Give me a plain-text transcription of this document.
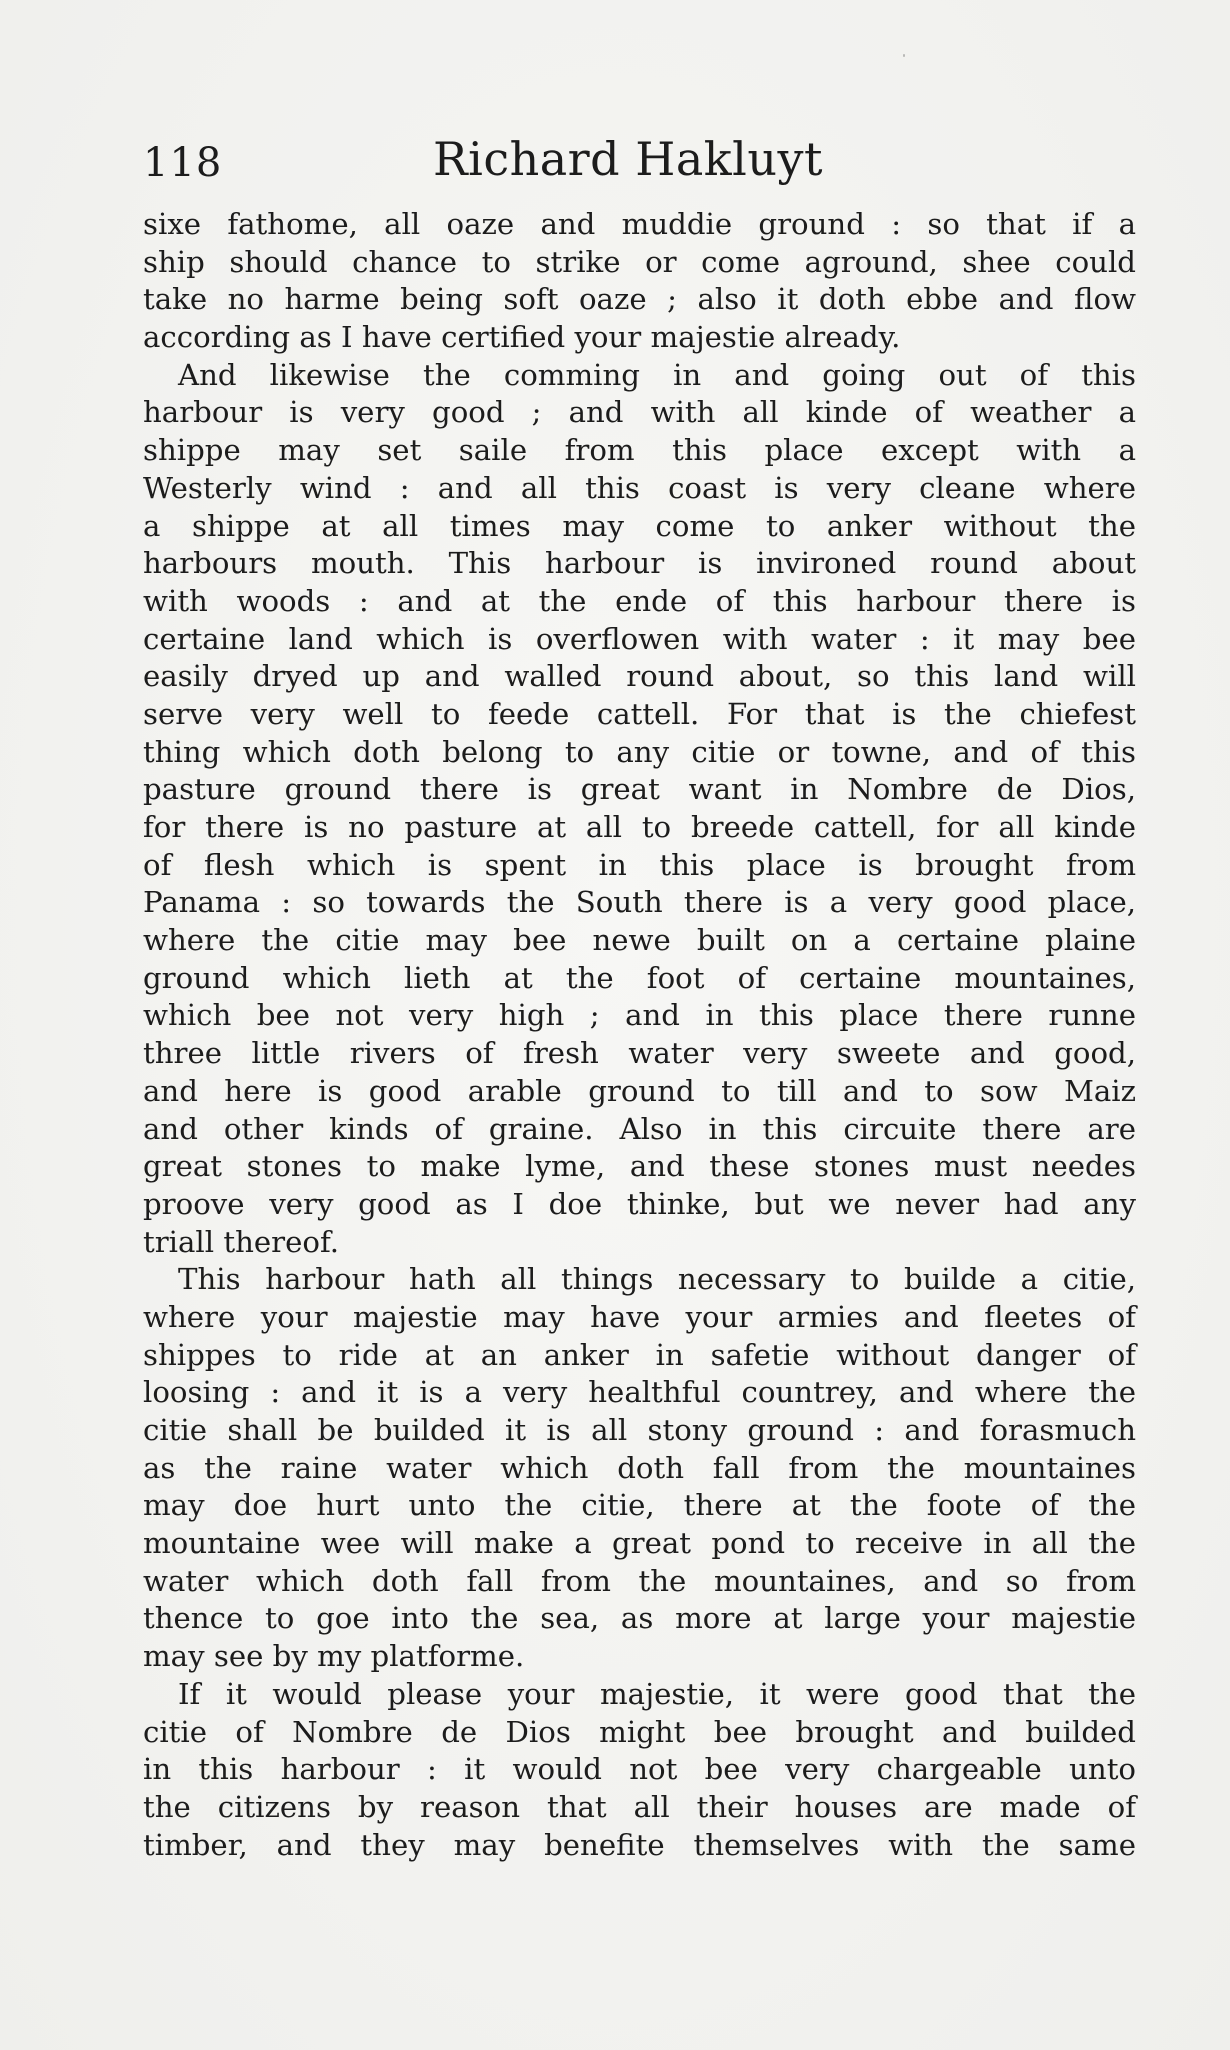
118	Richard Hakluyt
sixe fathome, all oaze and muddie ground : so that if a
ship should chance to strike or come aground, shee could
take no harme being soft oaze ; also it doth ebbe and flow
according as I have certified your majestie already.
And likewise the comming in and going out of this
harbour is very good ; and with all kinde of weather a
shippe may set saile from this place except with a
Westerly wind : and all this coast is very cleane where
a shippe at all times may come to anker without the
harbours mouth. This harbour is invironed round about
with woods : and at the ende of this harbour there is
certaine land which is overflowen with water : it may bee
easily dryed up and walled round about, so this land will
serve very well to feede cattell. For that is the chiefest
thing which doth belong to any citie or towne, and of this
pasture ground there is great want in Nombre de Dios,
for there is no pasture at all to breede cattell, for all kinde
of flesh which is spent in this place is brought from
Panama : so towards the South there is a very good place,
where the citie may bee newe built on a certaine plaine
ground which lieth at the foot of certaine mountaines,
which bee not very high ; and in this place there runne
three little rivers of fresh water very sweete and good,
and here is good arable ground to till and to sow Maiz
and other kinds of graine. Also in this circuite there are
great stones to make lyme, and these stones must needes
proove very good as I doe thinke, but we never had any
triall thereof.
This harbour hath all things necessary to builde a citie,
where your majestie may have your armies and fleetes of
shippes to ride at an anker in safetie without danger of
loosing : and it is a very healthful countrey, and where the
citie shall be builded it is all stony ground : and forasmuch
as the raine water which doth fall from the mountaines
may doe hurt unto the citie, there at the foote of the
mountaine wee will make a great pond to receive in all the
water which doth fall from the mountaines, and so from
thence to goe into the sea, as more at large your majestie
may see by my platforme.
If it would please your majestie, it were good that the
citie of Nombre de Dios might bee brought and builded
in this harbour : it would not bee very chargeable unto
the citizens by reason that all their houses are made of
timber, and they may benefite themselves with the same
